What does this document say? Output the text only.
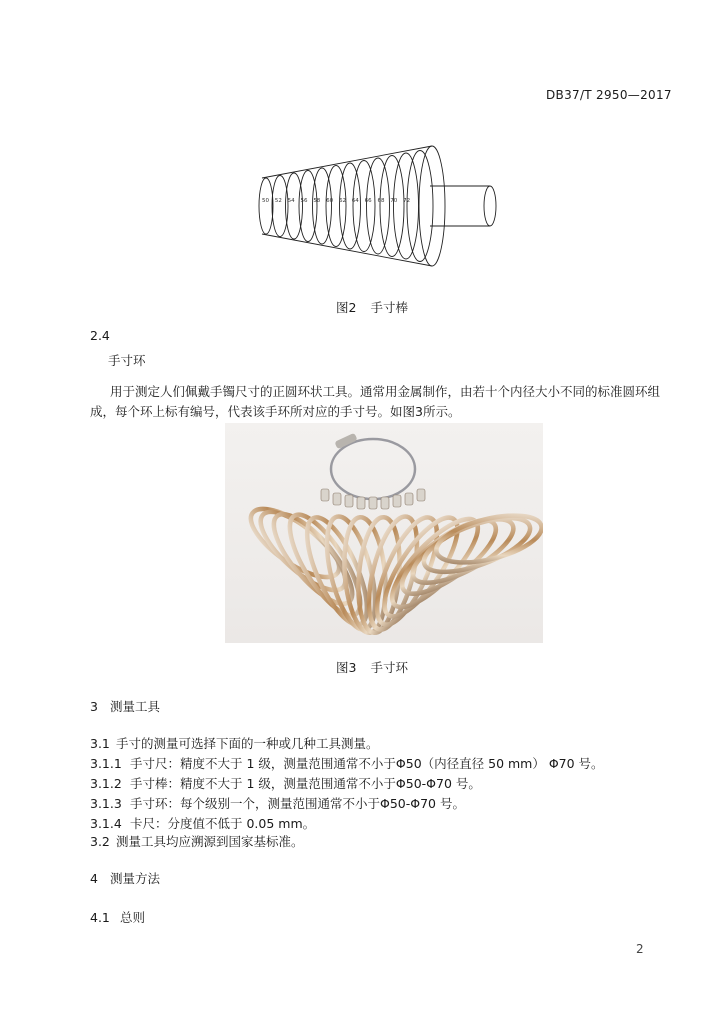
DB37/T 2950—2017
50	52	54	56	58	60	62	64	66	68	70	72
图2 手寸棒
2.4
手寸环
用于测定人们佩戴手镯尺寸的正圆环状工具。通常用金属制作，由若十个内径大小不同的标准圆环组成，每个环上标有编号，代表该手环所对应的手寸号。如图3所示。
图3 手寸环
3 测量工具
3.1 手寸的测量可选择下面的一种或几种工具测量。
3.1.1 手寸尺：精度不大于 1 级，测量范围通常不小于Φ50（内径直径 50 mm） Φ70 号。
3.1.2 手寸棒：精度不大于 1 级，测量范围通常不小于Φ50-Φ70 号。
3.1.3 手寸环：每个级别一个，测量范围通常不小于Φ50-Φ70 号。
3.1.4 卡尺：分度值不低于 0.05 mm。
3.2 测量工具均应溯源到国家基标准。
4 测量方法
4.1 总则
2
